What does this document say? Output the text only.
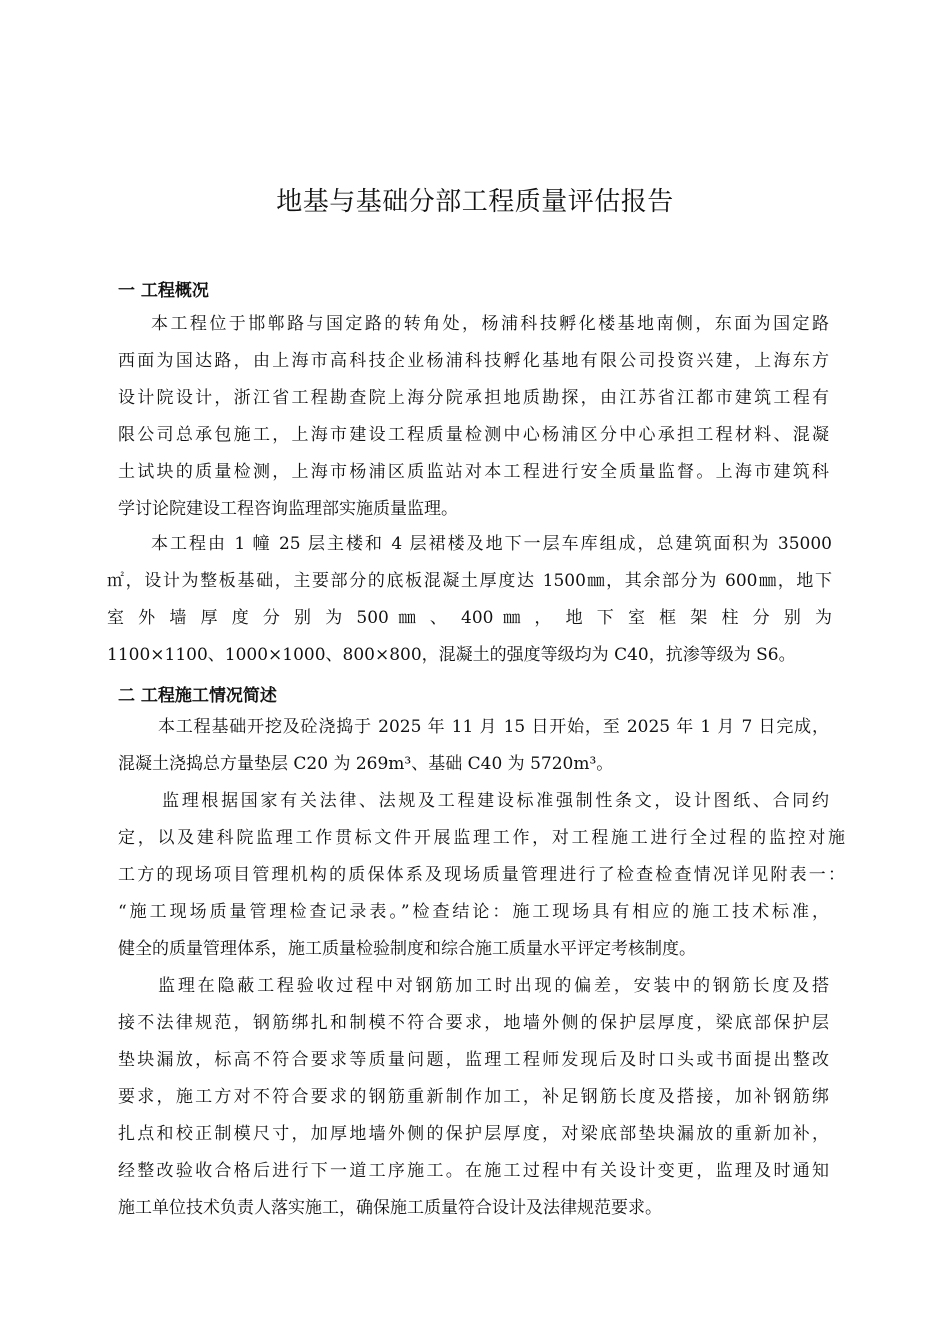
地基与基础分部工程质量评估报告
一 工程概况
本工程位于邯郸路与国定路的转角处，杨浦科技孵化楼基地南侧，东面为国定路
西面为国达路，由上海市高科技企业杨浦科技孵化基地有限公司投资兴建，上海东方
设计院设计，浙江省工程勘查院上海分院承担地质勘探，由江苏省江都市建筑工程有
限公司总承包施工，上海市建设工程质量检测中心杨浦区分中心承担工程材料、混凝
土试块的质量检测，上海市杨浦区质监站对本工程进行安全质量监督。上海市建筑科
学讨论院建设工程咨询监理部实施质量监理。
本工程由 1 幢 25 层主楼和 4 层裙楼及地下一层车库组成，总建筑面积为 35000
㎡，设计为整板基础，主要部分的底板混凝土厚度达 1500㎜，其余部分为 600㎜，地下
室 外 墙 厚 度 分 别 为 500 ㎜ 、 400 ㎜ ， 地 下 室 框 架 柱 分 别 为
1100×1100、1000×1000、800×800，混凝土的强度等级均为 C40，抗渗等级为 S6。
二 工程施工情况简述
本工程基础开挖及砼浇捣于 2025 年 11 月 15 日开始，至 2025 年 1 月 7 日完成，
混凝土浇捣总方量垫层 C20 为 269m³、基础 C40 为 5720m³。
监理根据国家有关法律、法规及工程建设标准强制性条文，设计图纸、合同约
定，以及建科院监理工作贯标文件开展监理工作，对工程施工进行全过程的监控对施
工方的现场项目管理机构的质保体系及现场质量管理进行了检查检查情况详见附表一：
“施工现场质量管理检查记录表。”检查结论：施工现场具有相应的施工技术标准，
健全的质量管理体系，施工质量检验制度和综合施工质量水平评定考核制度。
监理在隐蔽工程验收过程中对钢筋加工时出现的偏差，安装中的钢筋长度及搭
接不法律规范，钢筋绑扎和制模不符合要求，地墙外侧的保护层厚度，梁底部保护层
垫块漏放，标高不符合要求等质量问题，监理工程师发现后及时口头或书面提出整改
要求，施工方对不符合要求的钢筋重新制作加工，补足钢筋长度及搭接，加补钢筋绑
扎点和校正制模尺寸，加厚地墙外侧的保护层厚度，对梁底部垫块漏放的重新加补，
经整改验收合格后进行下一道工序施工。在施工过程中有关设计变更，监理及时通知
施工单位技术负责人落实施工，确保施工质量符合设计及法律规范要求。
